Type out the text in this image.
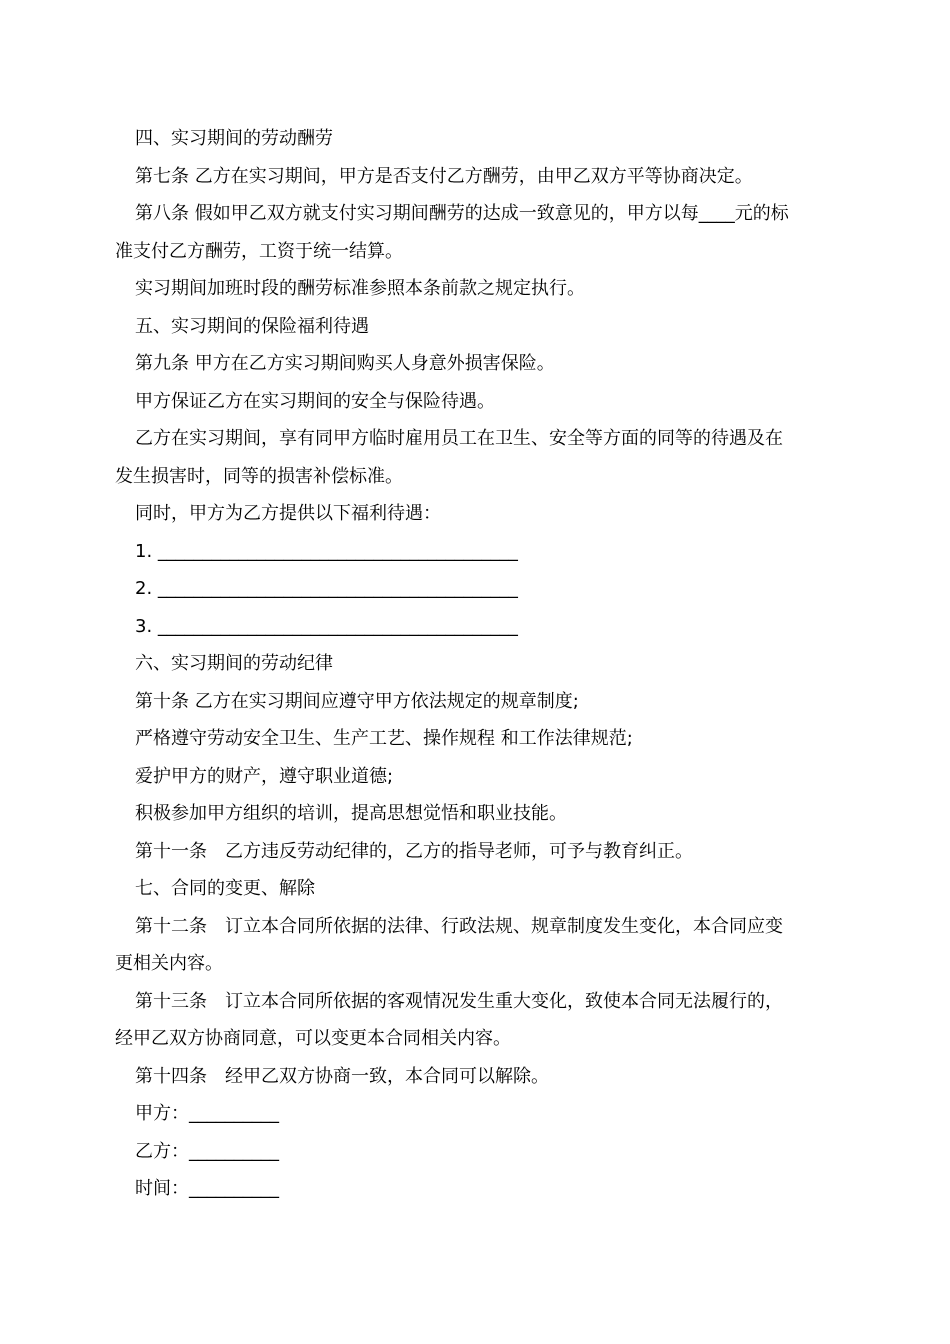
四、实习期间的劳动酬劳
第七条 乙方在实习期间，甲方是否支付乙方酬劳，由甲乙双方平等协商决定。
第八条 假如甲乙双方就支付实习期间酬劳的达成一致意见的，甲方以每____元的标
准支付乙方酬劳，工资于统一结算。
实习期间加班时段的酬劳标准参照本条前款之规定执行。
五、实习期间的保险福利待遇
第九条 甲方在乙方实习期间购买人身意外损害保险。
甲方保证乙方在实习期间的安全与保险待遇。
乙方在实习期间，享有同甲方临时雇用员工在卫生、安全等方面的同等的待遇及在
发生损害时，同等的损害补偿标准。
同时，甲方为乙方提供以下福利待遇：
1. ________________________________________
2. ________________________________________
3. ________________________________________
六、实习期间的劳动纪律
第十条 乙方在实习期间应遵守甲方依法规定的规章制度;
严格遵守劳动安全卫生、生产工艺、操作规程 和工作法律规范;
爱护甲方的财产，遵守职业道德;
积极参加甲方组织的培训，提高思想觉悟和职业技能。
第十一条　乙方违反劳动纪律的，乙方的指导老师，可予与教育纠正。
七、合同的变更、解除
第十二条　订立本合同所依据的法律、行政法规、规章制度发生变化，本合同应变
更相关内容。
第十三条　订立本合同所依据的客观情况发生重大变化，致使本合同无法履行的，
经甲乙双方协商同意，可以变更本合同相关内容。
第十四条　经甲乙双方协商一致，本合同可以解除。
甲方：__________
乙方：__________
时间：__________
